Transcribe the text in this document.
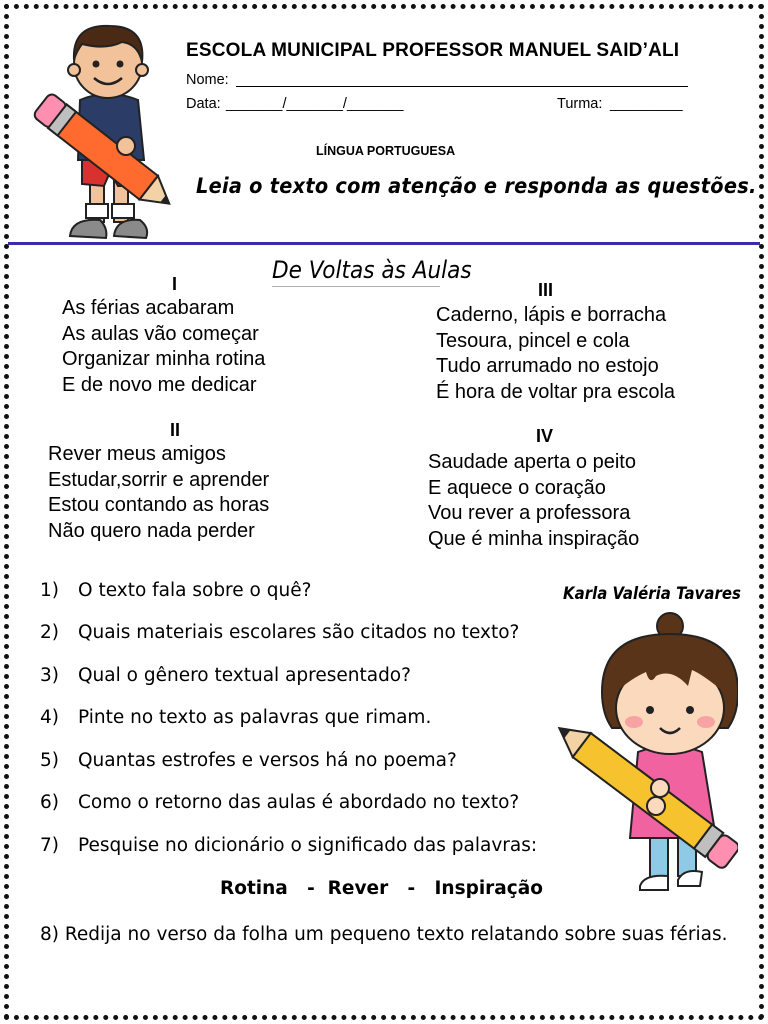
ESCOLA MUNICIPAL PROFESSOR MANUEL SAID’ALI
Nome:
Data: _______/_______/_______	Turma: _________
LÍNGUA PORTUGUESA
Leia o texto com atenção e responda as questões.
De Voltas às Aulas
I
As férias acabaram
As aulas vão começar
Organizar minha rotina
E de novo me dedicar
II
Rever meus amigos
Estudar,sorrir e aprender
Estou contando as horas
Não quero nada perder
III
Caderno, lápis e borracha
Tesoura, pincel e cola
Tudo arrumado no estojo
É hora de voltar pra escola
IV
Saudade aperta o peito
E aquece o coração
Vou rever a professora
Que é minha inspiração
Karla Valéria Tavares
1) O texto fala sobre o quê?
2) Quais materiais escolares são citados no texto?
3) Qual o gênero textual apresentado?
4) Pinte no texto as palavras que rimam.
5) Quantas estrofes e versos há no poema?
6) Como o retorno das aulas é abordado no texto?
7) Pesquise no dicionário o significado das palavras:
Rotina   -  Rever   -   Inspiração
8) Redija no verso da folha um pequeno texto relatando sobre suas férias.
